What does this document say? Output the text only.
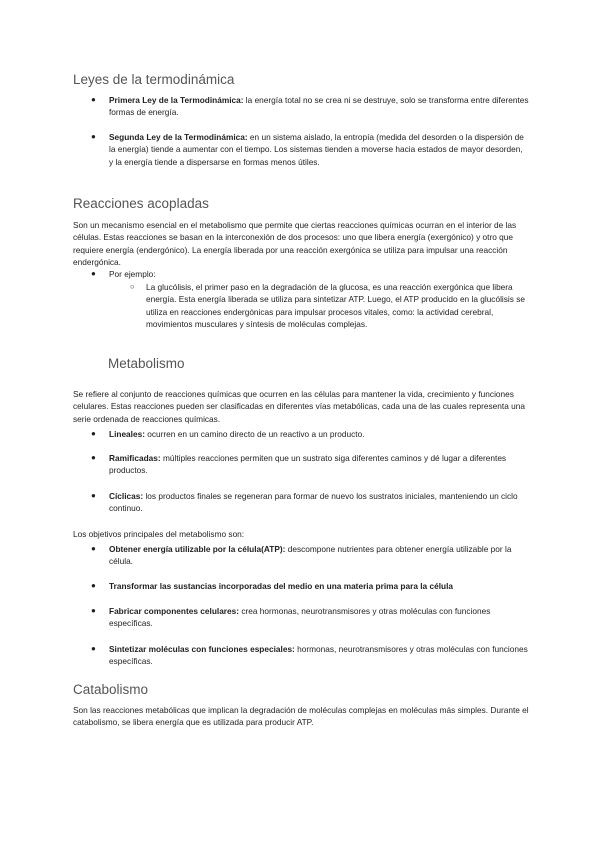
Leyes de la termodinámica
● Primera Ley de la Termodinámica: la energía total no se crea ni se destruye, solo se transforma entre diferentes formas de energía.

● Segunda Ley de la Termodinámica: en un sistema aislado, la entropía (medida del desorden o la dispersión de la energía) tiende a aumentar con el tiempo. Los sistemas tienden a moverse hacia estados de mayor desorden, y la energía tiende a dispersarse en formas menos útiles.

Reacciones acopladas

Son un mecanismo esencial en el metabolismo que permite que ciertas reacciones químicas ocurran en el interior de las células. Estas reacciones se basan en la interconexión de dos procesos: uno que libera energía (exergónico) y otro que requiere energía (endergónico). La energía liberada por una reacción exergónica se utiliza para impulsar una reacción endergónica.

● Por ejemplo:

○ La glucólisis, el primer paso en la degradación de la glucosa, es una reacción exergónica que libera energía. Esta energía liberada se utiliza para sintetizar ATP. Luego, el ATP producido en la glucólisis se utiliza en reacciones endergónicas para impulsar procesos vitales, como: la actividad cerebral, movimientos musculares y síntesis de moléculas complejas.

Metabolismo

Se refiere al conjunto de reacciones químicas que ocurren en las células para mantener la vida, crecimiento y funciones celulares. Estas reacciones pueden ser clasificadas en diferentes vías metabólicas, cada una de las cuales representa una serie ordenada de reacciones químicas.

● Lineales: ocurren en un camino directo de un reactivo a un producto.

● Ramificadas: múltiples reacciones permiten que un sustrato siga diferentes caminos y dé lugar a diferentes productos.

● Cíclicas: los productos finales se regeneran para formar de nuevo los sustratos iniciales, manteniendo un ciclo continuo.

Los objetivos principales del metabolismo son:

● Obtener energía utilizable por la célula(ATP): descompone nutrientes para obtener energía utilizable por la célula.

● Transformar las sustancias incorporadas del medio en una materia prima para la célula

● Fabricar componentes celulares: crea hormonas, neurotransmisores y otras moléculas con funciones específicas.

● Sintetizar moléculas con funciones especiales: hormonas, neurotransmisores y otras moléculas con funciones específicas.

Catabolismo

Son las reacciones metabólicas que implican la degradación de moléculas complejas en moléculas más simples. Durante el catabolismo, se libera energía que es utilizada para producir ATP.
